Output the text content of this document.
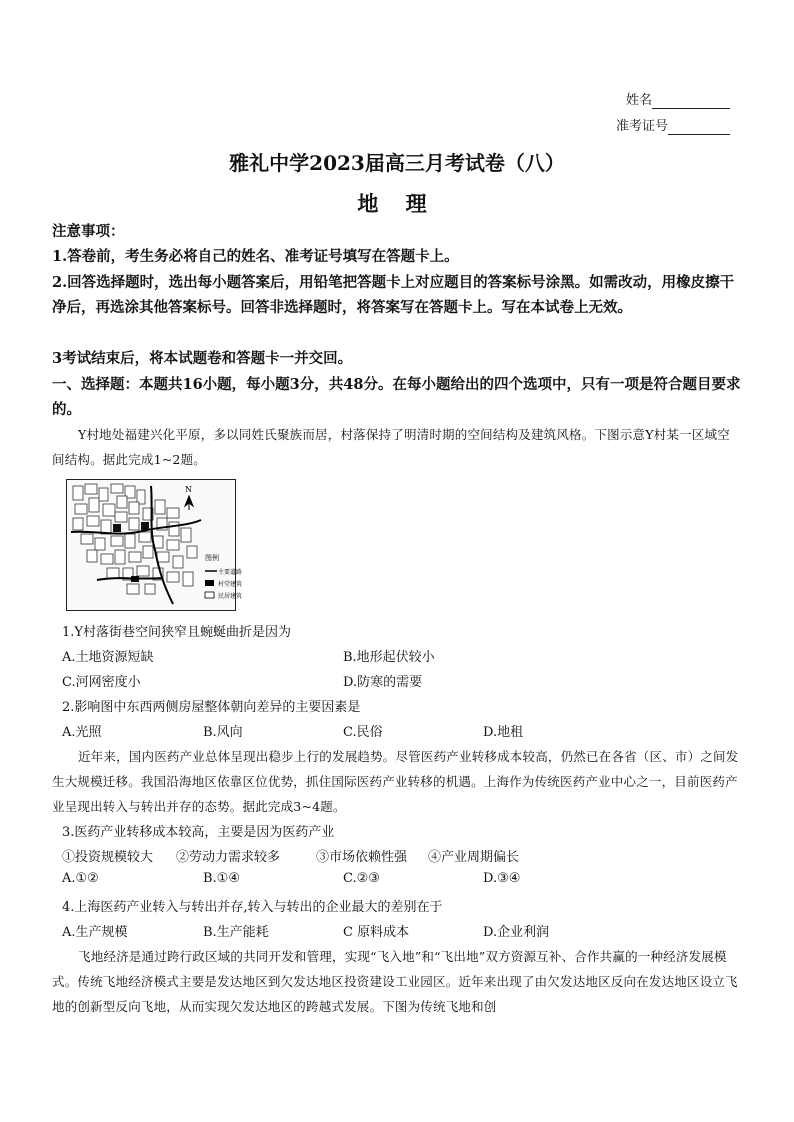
姓名
准考证号
雅礼中学2023届高三月考试卷（八）
地 理
注意事项：
1.答卷前，考生务必将自己的姓名、准考证号填写在答题卡上。
2.回答选择题时，选出每小题答案后，用铅笔把答题卡上对应题目的答案标号涂黑。如需改动，用橡皮擦干净后，再选涂其他答案标号。回答非选择题时，将答案写在答题卡上。写在本试卷上无效。
3考试结束后，将本试题卷和答题卡一并交回。
一、选择题：本题共16小题，每小题3分，共48分。在每小题给出的四个选项中，只有一项是符合题目要求的。
Y村地处福建兴化平原，多以同姓氏聚族而居，村落保持了明清时期的空间结构及建筑风格。下图示意Y村某一区域空间结构。据此完成1~2题。
N
图例
主要道路
村堂建筑
民居建筑
1.Y村落街巷空间狭窄且蜿蜒曲折是因为
A.土地资源短缺	B.地形起伏较小
C.河网密度小	D.防寒的需要
2.影响图中东西两侧房屋整体朝向差异的主要因素是
A.光照	B.风向	C.民俗	D.地租
近年来，国内医药产业总体呈现出稳步上行的发展趋势。尽管医药产业转移成本较高，仍然已在各省（区、市）之间发生大规模迁移。我国沿海地区依靠区位优势，抓住国际医药产业转移的机遇。上海作为传统医药产业中心之一，目前医药产业呈现出转入与转出并存的态势。据此完成3~4题。
3.医药产业转移成本较高，主要是因为医药产业
①投资规模较大 ②劳动力需求较多	③市场依赖性强 ④产业周期偏长
A.①②	B.①④	C.②③	D.③④
4.上海医药产业转入与转出并存,转入与转出的企业最大的差别在于
A.生产规模	B.生产能耗	C 原料成本	D.企业利润
飞地经济是通过跨行政区域的共同开发和管理，实现“飞入地”和“飞出地”双方资源互补、合作共赢的一种经济发展模式。传统飞地经济模式主要是发达地区到欠发达地区投资建设工业园区。近年来出现了由欠发达地区反向在发达地区设立飞地的创新型反向飞地，从而实现欠发达地区的跨越式发展。下图为传统飞地和创
